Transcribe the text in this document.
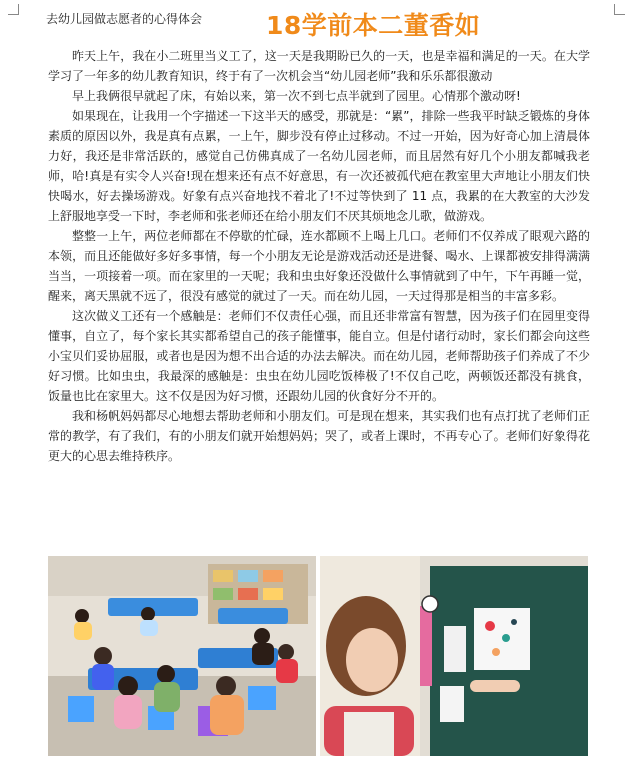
去幼儿园做志愿者的心得体会	18学前本二董香如

昨天上午，我在小二班里当义工了，这一天是我期盼已久的一天，也是幸福和满足的一天。在大学学习了一年多的幼儿教育知识，终于有了一次机会当“幼儿园老师”我和乐乐都很激动

早上我俩很早就起了床，有始以来，第一次不到七点半就到了园里。心情那个激动呀!

如果现在，让我用一个字描述一下这半天的感受，那就是：“累”，排除一些我平时缺乏锻炼的身体素质的原因以外，我是真有点累，一上午，脚步没有停止过移动。不过一开始，因为好奇心加上清晨体力好，我还是非常活跃的，感觉自己仿佛真成了一名幼儿园老师，而且居然有好几个小朋友都喊我老师，哈!真是有实令人兴奋!现在想来还有点不好意思，有一次还被孤代疤在教室里大声地让小朋友们快快喝水，好去操场游戏。好象有点兴奋地找不着北了!不过等快到了 11 点，我累的在大教室的大沙发上舒服地享受一下时，李老师和张老师还在给小朋友们不厌其烦地念儿歌，做游戏。

整整一上午，两位老师都在不停歇的忙碌，连水都顾不上喝上几口。老师们不仅养成了眼观六路的本领，而且还能做好多好多事情，每一个小朋友无论是游戏活动还是进餐、喝水、上课都被安排得满满当当，一项接着一项。而在家里的一天呢；我和虫虫好象还没做什么事情就到了中午，下午再睡一觉，醒来，离天黑就不远了，很没有感觉的就过了一天。而在幼儿园，一天过得那是相当的丰富多彩。

这次做义工还有一个感触是：老师们不仅责任心强，而且还非常富有智慧，因为孩子们在园里变得懂事，自立了，每个家长其实都希望自己的孩子能懂事，能自立。但是付诸行动时，家长们都会向这些小宝贝们妥协屈服，或者也是因为想不出合适的办法去解决。而在幼儿园，老师帮助孩子们养成了不少好习惯。比如虫虫，我最深的感触是：虫虫在幼儿园吃饭棒极了!不仅自己吃，两顿饭还都没有挑食，饭量也比在家里大。这不仅是因为好习惯，还跟幼儿园的伙食好分不开的。

我和杨帆妈妈都尽心地想去帮助老师和小朋友们。可是现在想来，其实我们也有点打扰了老师们正常的教学，有了我们，有的小朋友们就开始想妈妈；哭了，或者上课时，不再专心了。老师们好象得花更大的心思去维持秩序。
